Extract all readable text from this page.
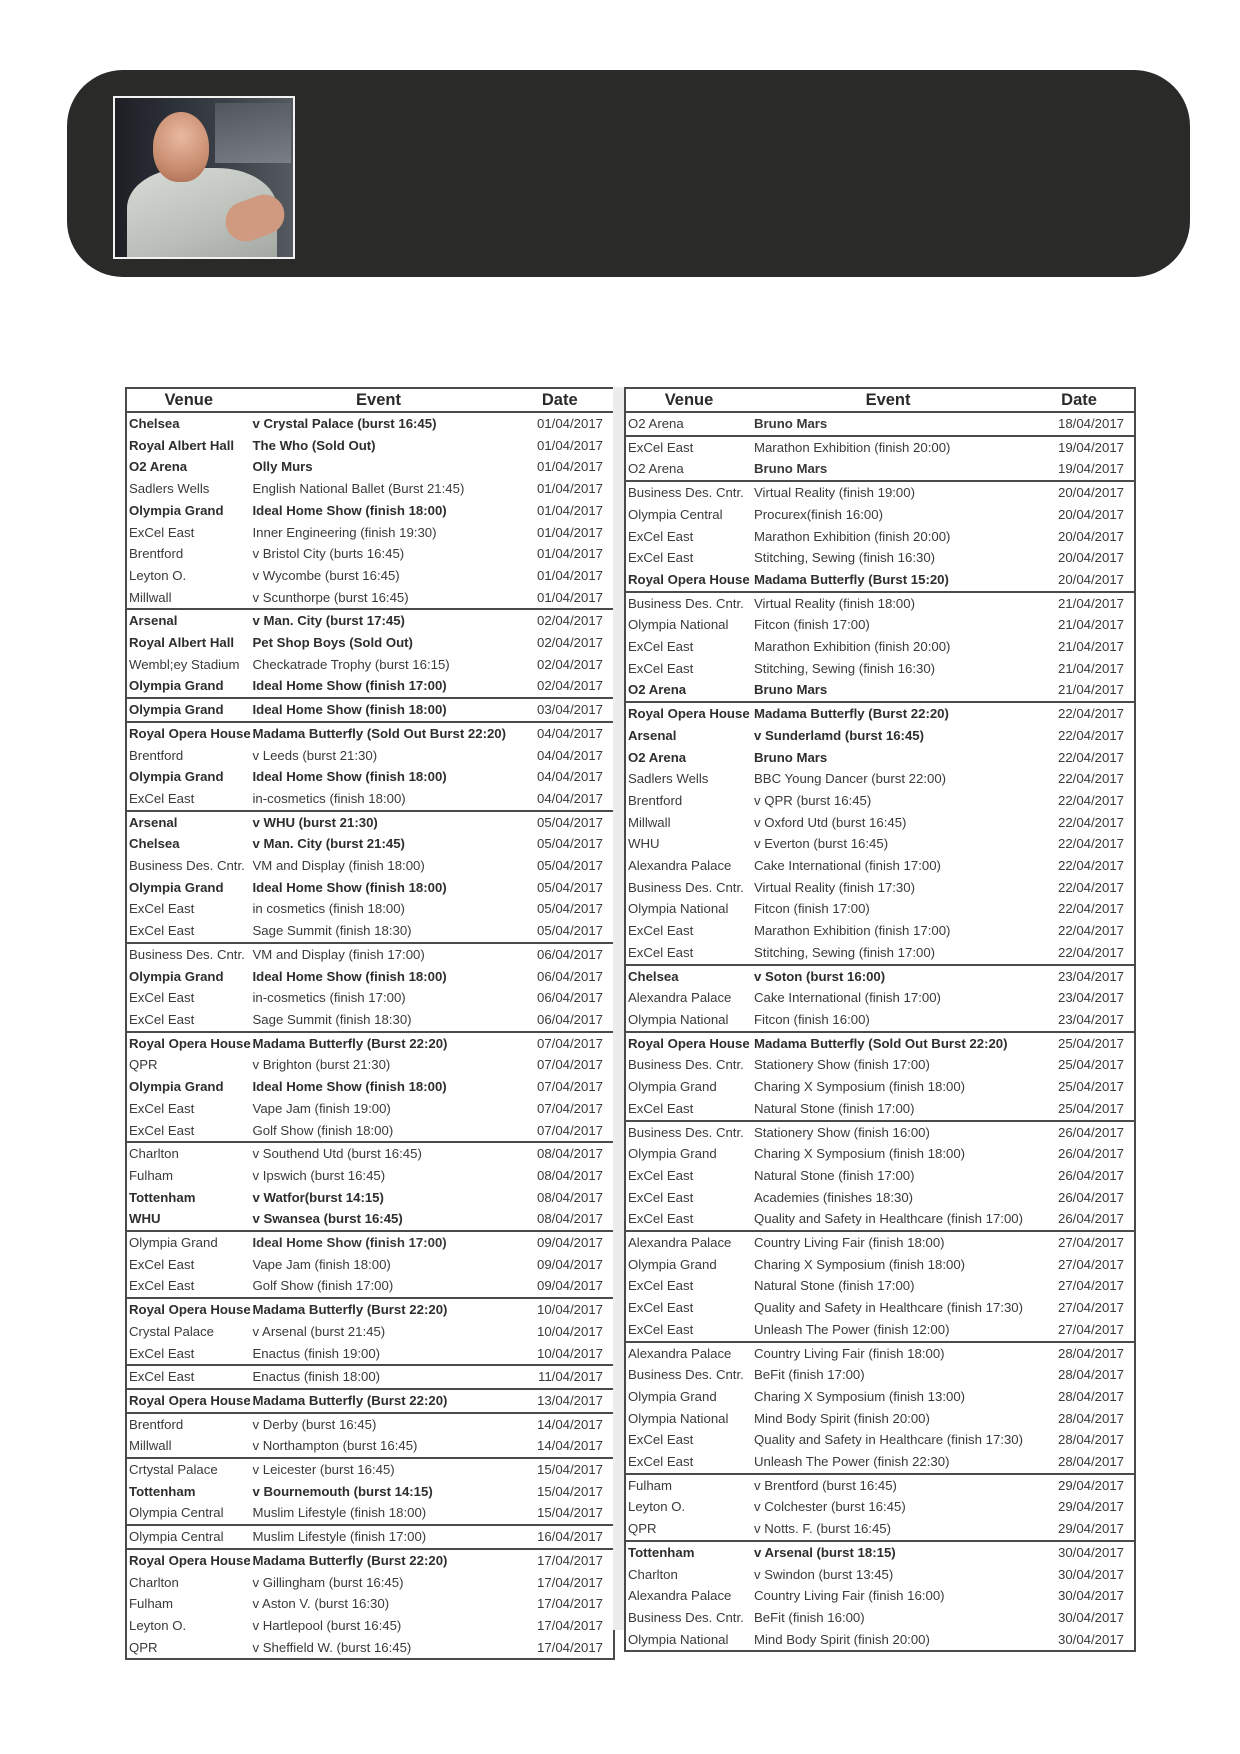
Venue	Event	Date
Chelsea	v Crystal Palace (burst 16:45)	01/04/2017
Royal Albert Hall	The Who (Sold Out)	01/04/2017
O2 Arena	Olly Murs	01/04/2017
Sadlers Wells	English National Ballet (Burst 21:45)	01/04/2017
Olympia Grand	Ideal Home Show (finish 18:00)	01/04/2017
ExCel East	Inner Engineering (finish 19:30)	01/04/2017
Brentford	v Bristol City (burts 16:45)	01/04/2017
Leyton O.	v Wycombe (burst 16:45)	01/04/2017
Millwall	v Scunthorpe (burst 16:45)	01/04/2017
Arsenal	v Man. City (burst 17:45)	02/04/2017
Royal Albert Hall	Pet Shop Boys (Sold Out)	02/04/2017
Wembl;ey Stadium	Checkatrade Trophy (burst 16:15)	02/04/2017
Olympia Grand	Ideal Home Show (finish 17:00)	02/04/2017
Olympia Grand	Ideal Home Show (finish 18:00)	03/04/2017
Royal Opera House	Madama Butterfly (Sold Out Burst 22:20)	04/04/2017
Brentford	v Leeds (burst 21:30)	04/04/2017
Olympia Grand	Ideal Home Show (finish 18:00)	04/04/2017
ExCel East	in-cosmetics (finish 18:00)	04/04/2017
Arsenal	v WHU (burst 21:30)	05/04/2017
Chelsea	v Man. City (burst 21:45)	05/04/2017
Business Des. Cntr.	VM and Display (finish 18:00)	05/04/2017
Olympia Grand	Ideal Home Show (finish 18:00)	05/04/2017
ExCel East	in cosmetics (finish 18:00)	05/04/2017
ExCel East	Sage Summit (finish 18:30)	05/04/2017
Business Des. Cntr.	VM and Display (finish 17:00)	06/04/2017
Olympia Grand	Ideal Home Show (finish 18:00)	06/04/2017
ExCel East	in-cosmetics (finish 17:00)	06/04/2017
ExCel East	Sage Summit (finish 18:30)	06/04/2017
Royal Opera House	Madama Butterfly (Burst 22:20)	07/04/2017
QPR	v Brighton (burst 21:30)	07/04/2017
Olympia Grand	Ideal Home Show (finish 18:00)	07/04/2017
ExCel East	Vape Jam (finish 19:00)	07/04/2017
ExCel East	Golf Show (finish 18:00)	07/04/2017
Charlton	v Southend Utd (burst 16:45)	08/04/2017
Fulham	v Ipswich (burst 16:45)	08/04/2017
Tottenham	v Watfor(burst 14:15)	08/04/2017
WHU	v Swansea (burst 16:45)	08/04/2017
Olympia Grand	Ideal Home Show (finish 17:00)	09/04/2017
ExCel East	Vape Jam (finish 18:00)	09/04/2017
ExCel East	Golf Show (finish 17:00)	09/04/2017
Royal Opera House	Madama Butterfly (Burst 22:20)	10/04/2017
Crystal Palace	v Arsenal (burst 21:45)	10/04/2017
ExCel East	Enactus (finish 19:00)	10/04/2017
ExCel East	Enactus (finish 18:00)	11/04/2017
Royal Opera House	Madama Butterfly (Burst 22:20)	13/04/2017
Brentford	v Derby (burst 16:45)	14/04/2017
Millwall	v Northampton (burst 16:45)	14/04/2017
Crtystal Palace	v Leicester (burst 16:45)	15/04/2017
Tottenham	v Bournemouth (burst 14:15)	15/04/2017
Olympia Central	Muslim Lifestyle (finish 18:00)	15/04/2017
Olympia Central	Muslim Lifestyle (finish 17:00)	16/04/2017
Royal Opera House	Madama Butterfly (Burst 22:20)	17/04/2017
Charlton	v Gillingham (burst 16:45)	17/04/2017
Fulham	v Aston V. (burst 16:30)	17/04/2017
Leyton O.	v Hartlepool (burst 16:45)	17/04/2017
QPR	v Sheffield W. (burst 16:45)	17/04/2017
Venue	Event	Date
O2 Arena	Bruno Mars	18/04/2017
ExCel East	Marathon Exhibition (finish 20:00)	19/04/2017
O2 Arena	Bruno Mars	19/04/2017
Business Des. Cntr.	Virtual Reality (finish 19:00)	20/04/2017
Olympia Central	Procurex(finish 16:00)	20/04/2017
ExCel East	Marathon Exhibition (finish 20:00)	20/04/2017
ExCel East	Stitching, Sewing (finish 16:30)	20/04/2017
Royal Opera House	Madama Butterfly (Burst 15:20)	20/04/2017
Business Des. Cntr.	Virtual Reality (finish 18:00)	21/04/2017
Olympia National	Fitcon (finish 17:00)	21/04/2017
ExCel East	Marathon Exhibition (finish 20:00)	21/04/2017
ExCel East	Stitching, Sewing (finish 16:30)	21/04/2017
O2 Arena	Bruno Mars	21/04/2017
Royal Opera House	Madama Butterfly (Burst 22:20)	22/04/2017
Arsenal	v Sunderlamd (burst 16:45)	22/04/2017
O2 Arena	Bruno Mars	22/04/2017
Sadlers Wells	BBC Young Dancer (burst 22:00)	22/04/2017
Brentford	v QPR (burst 16:45)	22/04/2017
Millwall	v Oxford Utd (burst 16:45)	22/04/2017
WHU	v Everton (burst 16:45)	22/04/2017
Alexandra Palace	Cake International (finish 17:00)	22/04/2017
Business Des. Cntr.	Virtual Reality (finish 17:30)	22/04/2017
Olympia National	Fitcon (finish 17:00)	22/04/2017
ExCel East	Marathon Exhibition (finish 17:00)	22/04/2017
ExCel East	Stitching, Sewing (finish 17:00)	22/04/2017
Chelsea	v Soton (burst 16:00)	23/04/2017
Alexandra Palace	Cake International (finish 17:00)	23/04/2017
Olympia National	Fitcon (finish 16:00)	23/04/2017
Royal Opera House	Madama Butterfly (Sold Out Burst 22:20)	25/04/2017
Business Des. Cntr.	Stationery Show (finish 17:00)	25/04/2017
Olympia Grand	Charing X Symposium (finish 18:00)	25/04/2017
ExCel East	Natural Stone (finish 17:00)	25/04/2017
Business Des. Cntr.	Stationery Show (finish 16:00)	26/04/2017
Olympia Grand	Charing X Symposium (finish 18:00)	26/04/2017
ExCel East	Natural Stone (finish 17:00)	26/04/2017
ExCel East	Academies (finishes 18:30)	26/04/2017
ExCel East	Quality and Safety in Healthcare (finish 17:00)	26/04/2017
Alexandra Palace	Country Living Fair (finish 18:00)	27/04/2017
Olympia Grand	Charing X Symposium (finish 18:00)	27/04/2017
ExCel East	Natural Stone (finish 17:00)	27/04/2017
ExCel East	Quality and Safety in Healthcare (finish 17:30)	27/04/2017
ExCel East	Unleash The Power (finish 12:00)	27/04/2017
Alexandra Palace	Country Living Fair (finish 18:00)	28/04/2017
Business Des. Cntr.	BeFit (finish 17:00)	28/04/2017
Olympia Grand	Charing X Symposium (finish 13:00)	28/04/2017
Olympia National	Mind Body Spirit (finish 20:00)	28/04/2017
ExCel East	Quality and Safety in Healthcare (finish 17:30)	28/04/2017
ExCel East	Unleash The Power (finish 22:30)	28/04/2017
Fulham	v Brentford (burst 16:45)	29/04/2017
Leyton O.	v Colchester (burst 16:45)	29/04/2017
QPR	v Notts. F. (burst 16:45)	29/04/2017
Tottenham	v Arsenal (burst 18:15)	30/04/2017
Charlton	v Swindon (burst 13:45)	30/04/2017
Alexandra Palace	Country Living Fair (finish 16:00)	30/04/2017
Business Des. Cntr.	BeFit (finish 16:00)	30/04/2017
Olympia National	Mind Body Spirit (finish 20:00)	30/04/2017
